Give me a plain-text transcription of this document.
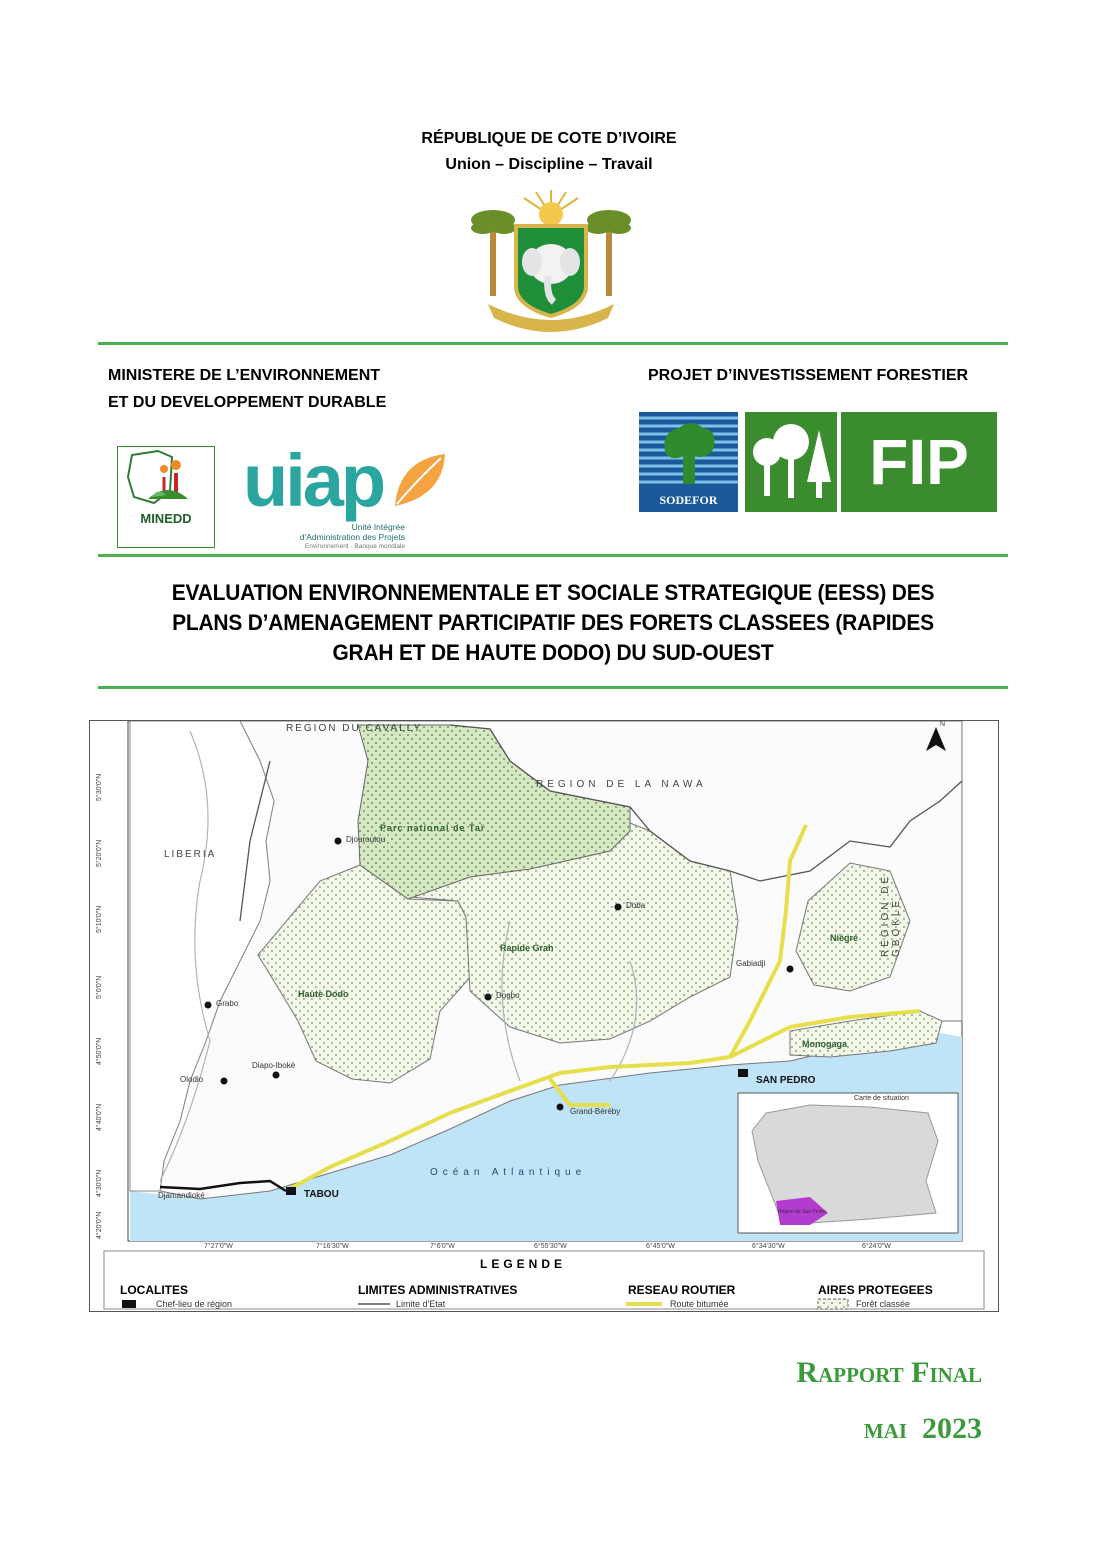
RÉPUBLIQUE DE COTE D’IVOIRE
Union – Discipline – Travail
MINISTERE DE L’ENVIRONNEMENT
ET DU DEVELOPPEMENT DURABLE
PROJET D’INVESTISSEMENT FORESTIER
MINEDD
uiap
Unité Intégrée
d'Administration des Projets
Environnement - Banque mondiale
SODEFOR
FIP
EVALUATION ENVIRONNEMENTALE ET SOCIALE STRATEGIQUE (EESS) DES
PLANS D’AMENAGEMENT PARTICIPATIF DES FORETS CLASSEES (RAPIDES
GRAH ET DE HAUTE DODO) DU SUD-OUEST
REGION DU CAVALLY
REGION DE LA NAWA
REGION DE GBOKLÉ
LIBERIA
Océan Atlantique
Parc national de Taï
Rapide Grah
Haute Dodo
Niégré
Monogaga
Djouroutou
Doba
Gabiadji
Grabo
Dogbo
Diapo-Iboké
Olodio	SAN PEDRO
Grand-Béréby
Djamandioké	TABOU
Carte de situation
Région de San Pedro
7°27'0"W	7°16'30"W	7°6'0"W	6°55'30"W	6°45'0"W	6°34'30"W	6°24'0"W
5°30'0"N
5°20'0"N
5°10'0"N
5°0'0"N
4°50'0"N
4°40'0"N
4°30'0"N
4°20'0"N
N
LEGENDE
LOCALITES
Chef-lieu de région
LIMITES ADMINISTRATIVES
Limite d'Etat
RESEAU ROUTIER
Route bitumée
AIRES PROTEGEES
Forêt classée
Rapport Final
mai 2023
